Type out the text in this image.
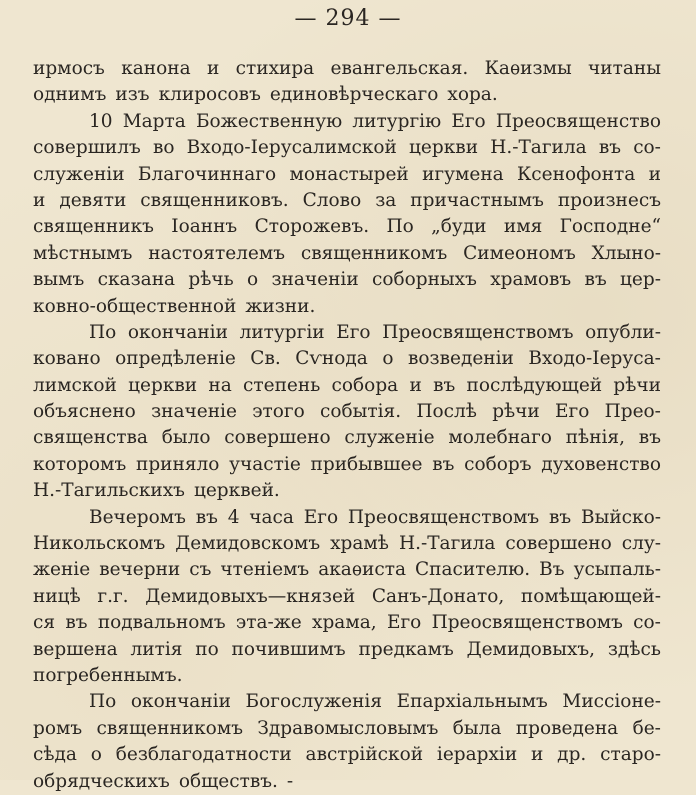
— 294 —
ирмосъ канона и стихира евангельская. Каѳизмы читаны
однимъ изъ клиросовъ единовѣрческаго хора.
10 Марта Божественную литургію Его Преосвященство
совершилъ во Входо-Іерусалимской церкви Н.-Тагила въ со-
служеніи Благочиннаго монастырей игумена Ксенофонта и
и девяти священниковъ. Слово за причастнымъ произнесъ
священникъ Іоаннъ Сторожевъ. По „буди имя Господне“
мѣстнымъ настоятелемъ священникомъ Симеономъ Хлыно-
вымъ сказана рѣчь о значеніи соборныхъ храмовъ въ цер-
ковно-общественной жизни.
По окончаніи литургіи Его Преосвященствомъ опубли-
ковано опредѣленіе Св. Сѵнода о возведеніи Входо-Іерусa-
лимской церкви на степень собора и въ послѣдующей рѣчи
объяснено значеніе этого событія. Послѣ рѣчи Его Прео-
священства было совершено служеніе молебнаго пѣнія, въ
которомъ приняло участіе прибывшее въ соборъ духовенство
Н.-Тагильскихъ церквей.
Вечеромъ въ 4 часа Его Преосвященствомъ въ Выйско-
Никольскомъ Демидовскомъ храмѣ Н.-Тагила совершено слу-
женіе вечерни съ чтеніемъ акаѳиста Спасителю. Въ усыпаль-
ницѣ г.г. Демидовыхъ—князей Санъ-Донато, помѣщающей-
ся въ подвальномъ эта-же храма, Его Преосвященствомъ со-
вершена литія по почившимъ предкамъ Демидовыхъ, здѣсь
погребеннымъ.
По окончаніи Богослуженія Епархіальнымъ Миссіоне-
ромъ священникомъ Здравомысловымъ была проведена бе-
сѣда о безблагодатности австрійской іерархіи и др. старо-
обрядческихъ обществъ. -
